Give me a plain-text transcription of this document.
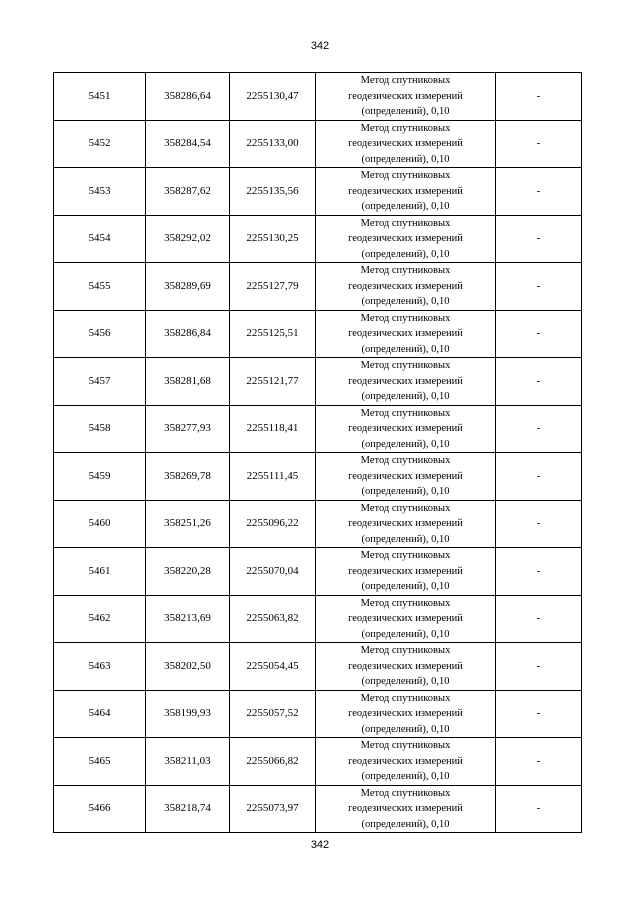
342
5451	358286,64	2255130,47	Метод спутниковых
геодезических измерений
(определений), 0,10	-
5452	358284,54	2255133,00	Метод спутниковых
геодезических измерений
(определений), 0,10	-
5453	358287,62	2255135,56	Метод спутниковых
геодезических измерений
(определений), 0,10	-
5454	358292,02	2255130,25	Метод спутниковых
геодезических измерений
(определений), 0,10	-
5455	358289,69	2255127,79	Метод спутниковых
геодезических измерений
(определений), 0,10	-
5456	358286,84	2255125,51	Метод спутниковых
геодезических измерений
(определений), 0,10	-
5457	358281,68	2255121,77	Метод спутниковых
геодезических измерений
(определений), 0,10	-
5458	358277,93	2255118,41	Метод спутниковых
геодезических измерений
(определений), 0,10	-
5459	358269,78	2255111,45	Метод спутниковых
геодезических измерений
(определений), 0,10	-
5460	358251,26	2255096,22	Метод спутниковых
геодезических измерений
(определений), 0,10	-
5461	358220,28	2255070,04	Метод спутниковых
геодезических измерений
(определений), 0,10	-
5462	358213,69	2255063,82	Метод спутниковых
геодезических измерений
(определений), 0,10	-
5463	358202,50	2255054,45	Метод спутниковых
геодезических измерений
(определений), 0,10	-
5464	358199,93	2255057,52	Метод спутниковых
геодезических измерений
(определений), 0,10	-
5465	358211,03	2255066,82	Метод спутниковых
геодезических измерений
(определений), 0,10	-
5466	358218,74	2255073,97	Метод спутниковых
геодезических измерений
(определений), 0,10	-
342
